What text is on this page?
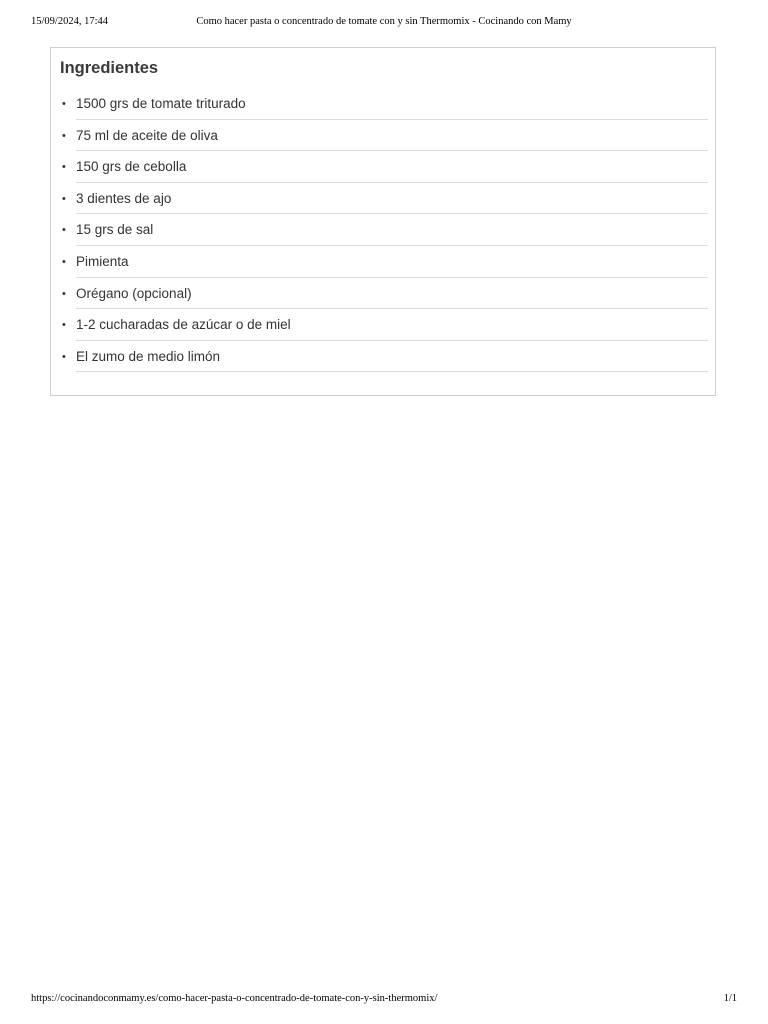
15/09/2024, 17:44	Como hacer pasta o concentrado de tomate con y sin Thermomix - Cocinando con Mamy
Ingredientes
• 1500 grs de tomate triturado
• 75 ml de aceite de oliva
• 150 grs de cebolla
• 3 dientes de ajo
• 15 grs de sal
• Pimienta
• Orégano (opcional)
• 1-2 cucharadas de azúcar o de miel
• El zumo de medio limón
https://cocinandoconmamy.es/como-hacer-pasta-o-concentrado-de-tomate-con-y-sin-thermomix/	1/1
